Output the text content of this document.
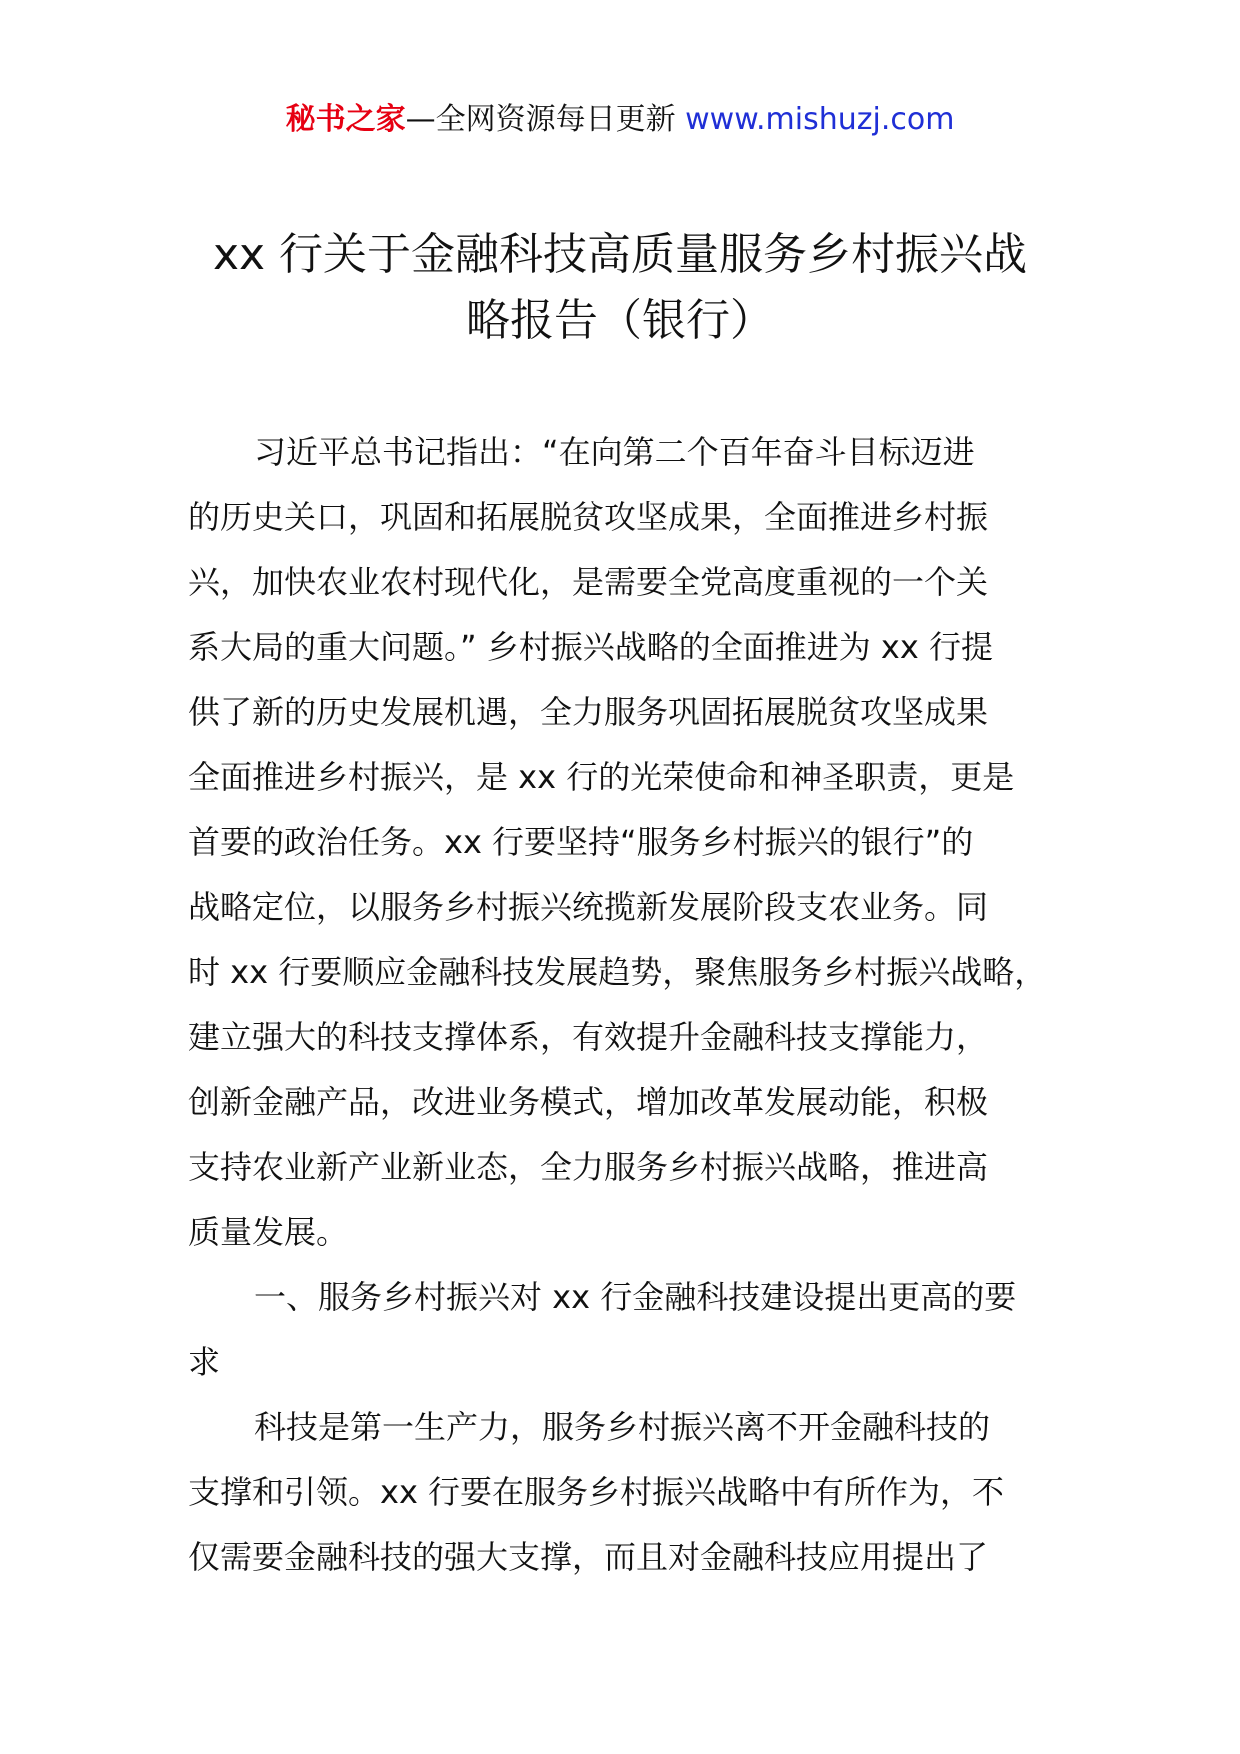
秘书之家—全网资源每日更新 www.mishuzj.com
xx 行关于金融科技高质量服务乡村振兴战
略报告（银行）
习近平总书记指出：“在向第二个百年奋斗目标迈进
的历史关口，巩固和拓展脱贫攻坚成果，全面推进乡村振
兴，加快农业农村现代化，是需要全党高度重视的一个关
系大局的重大问题。” 乡村振兴战略的全面推进为 xx 行提
供了新的历史发展机遇，全力服务巩固拓展脱贫攻坚成果
全面推进乡村振兴，是 xx 行的光荣使命和神圣职责，更是
首要的政治任务。xx 行要坚持“服务乡村振兴的银行”的
战略定位，以服务乡村振兴统揽新发展阶段支农业务。同
时 xx 行要顺应金融科技发展趋势，聚焦服务乡村振兴战略，
建立强大的科技支撑体系，有效提升金融科技支撑能力，
创新金融产品，改进业务模式，增加改革发展动能，积极
支持农业新产业新业态，全力服务乡村振兴战略，推进高
质量发展。
一、服务乡村振兴对 xx 行金融科技建设提出更高的要
求
科技是第一生产力，服务乡村振兴离不开金融科技的
支撑和引领。xx 行要在服务乡村振兴战略中有所作为，不
仅需要金融科技的强大支撑，而且对金融科技应用提出了
